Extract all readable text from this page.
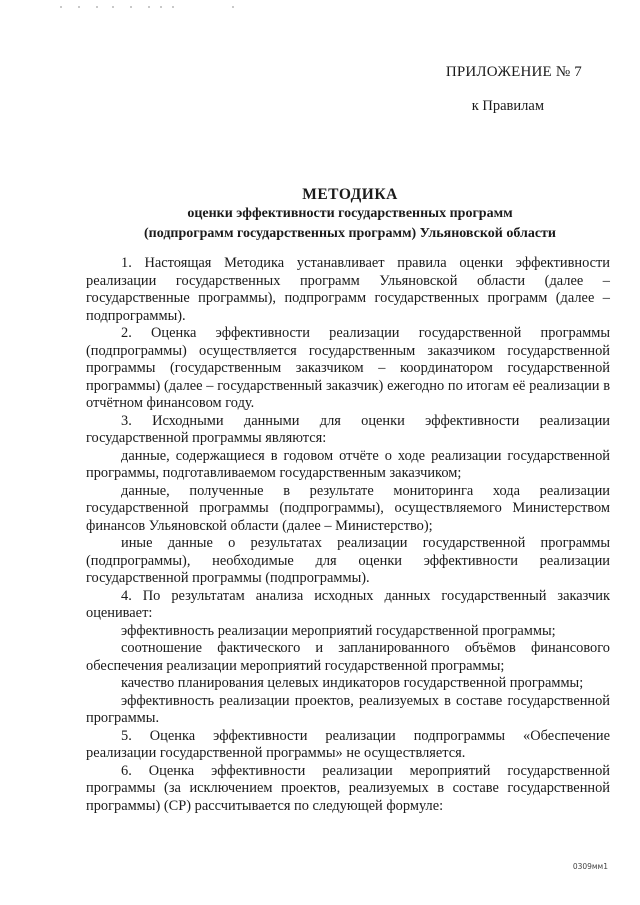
ПРИЛОЖЕНИЕ № 7
к Правилам
МЕТОДИКА
оценки эффективности государственных программ
(подпрограмм государственных программ) Ульяновской области

1. Настоящая Методика устанавливает правила оценки эффективности реализации государственных программ Ульяновской области (далее – государственные программы), подпрограмм государственных программ (далее – подпрограммы).

2. Оценка эффективности реализации государственной программы (подпрограммы) осуществляется государственным заказчиком государственной программы (государственным заказчиком – координатором государственной программы) (далее – государственный заказчик) ежегодно по итогам её реализации в отчётном финансовом году.

3. Исходными данными для оценки эффективности реализации государственной программы являются:

данные, содержащиеся в годовом отчёте о ходе реализации государственной программы, подготавливаемом государственным заказчиком;

данные, полученные в результате мониторинга хода реализации государственной программы (подпрограммы), осуществляемого Министерством финансов Ульяновской области (далее – Министерство);

иные данные о результатах реализации государственной программы (подпрограммы), необходимые для оценки эффективности реализации государственной программы (подпрограммы).

4. По результатам анализа исходных данных государственный заказчик оценивает:

эффективность реализации мероприятий государственной программы;

соотношение фактического и запланированного объёмов финансового обеспечения реализации мероприятий государственной программы;

качество планирования целевых индикаторов государственной программы;

эффективность реализации проектов, реализуемых в составе государственной программы.

5. Оценка эффективности реализации подпрограммы «Обеспечение реализации государственной программы» не осуществляется.

6. Оценка эффективности реализации мероприятий государственной программы (за исключением проектов, реализуемых в составе государственной программы) (СР) рассчитывается по следующей формуле:

0309мм1
